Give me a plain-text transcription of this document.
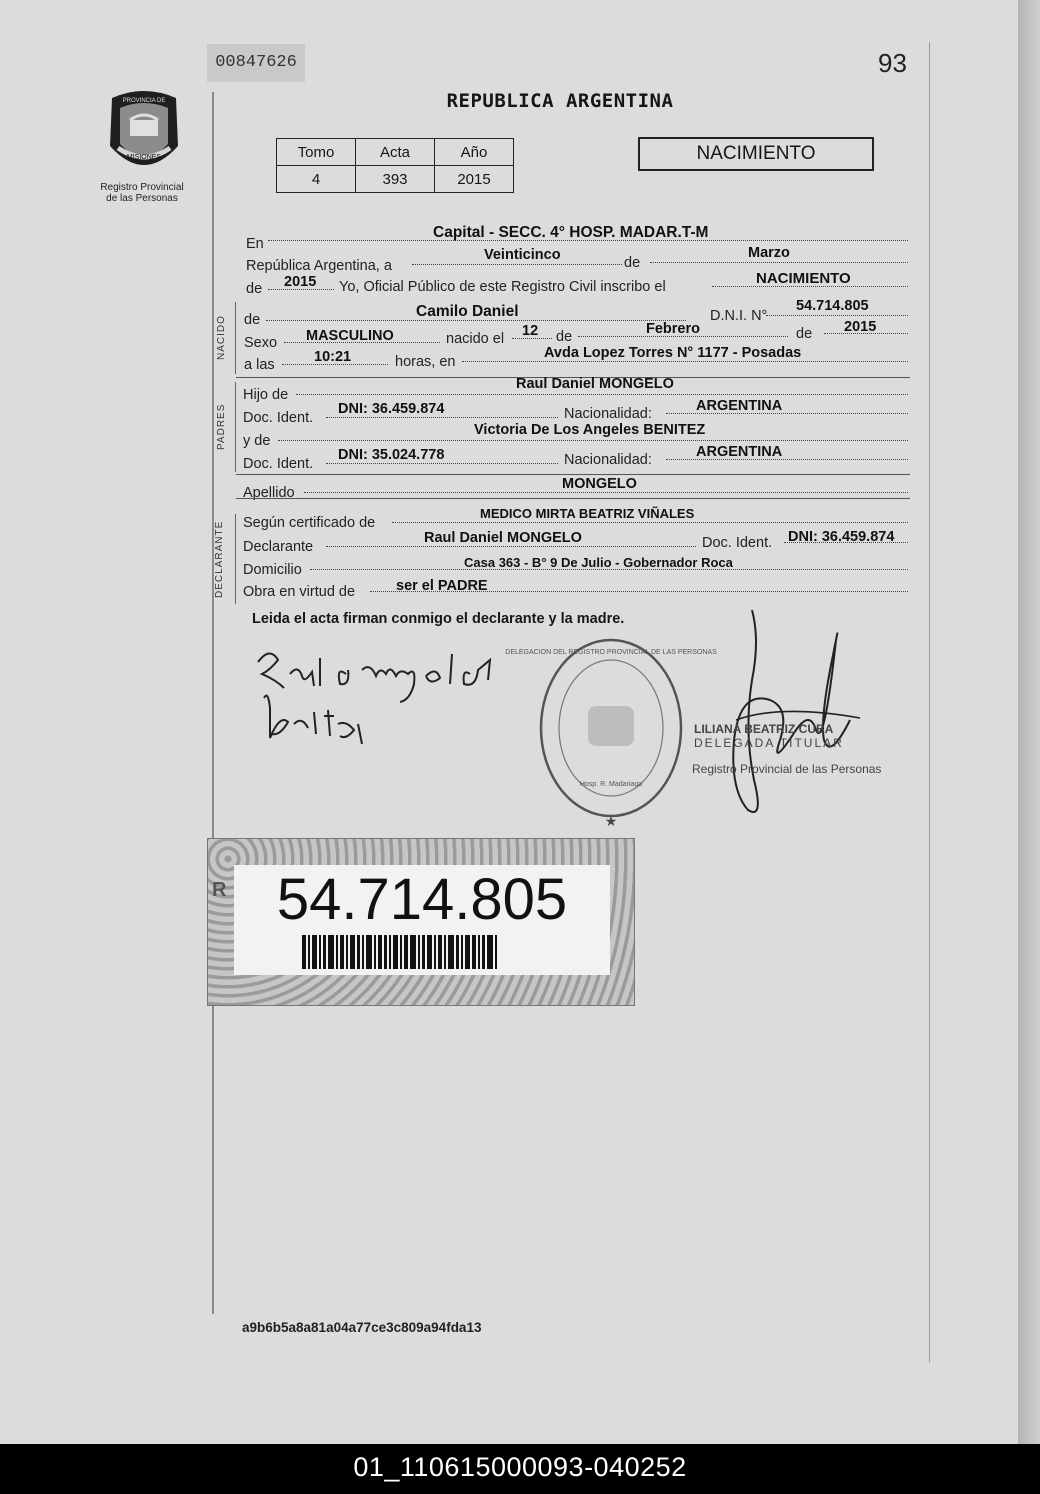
00847626	93
REPUBLICA ARGENTINA
PROVINCIA DE
MISIONES
Registro Provincial
de las Personas
Tomo	Acta	Año
4	393	2015
NACIMIENTO
En
Capital - SECC. 4° HOSP. MADAR.T-M
República Argentina, a
Veinticinco	de
Marzo
de 2015 Yo, Oficial Público de este Registro Civil inscribo el	NACIMIENTO
NACIDO de	Camilo Daniel	D.N.I. N°
54.714.805
Sexo MASCULINO	nacido el 12 de	Febrero	de 2015
a las	10:21	horas, en
Avda Lopez Torres N° 1177 - Posadas
PADRES
Hijo de
Raul Daniel MONGELO
Doc. Ident.
DNI: 36.459.874	Nacionalidad:	ARGENTINA
y de
Victoria De Los Angeles BENITEZ
Doc. Ident.
DNI: 35.024.778	Nacionalidad:	ARGENTINA
Apellido
MONGELO
DECLARANTE Según certificado de
MEDICO MIRTA BEATRIZ VIÑALES
Declarante
Raul Daniel MONGELO	Doc. Ident. DNI: 36.459.874
Domicilio	Casa 363 - B° 9 De Julio - Gobernador Roca
Obra en virtud de	ser el PADRE
Leida el acta firman conmigo el declarante y la madre.
DELEGACION DEL REGISTRO PROVINCIAL DE LAS PERSONAS
Hosp. R. Madariaga
★
LILIANA BEATRIZ CUBA
DELEGADA TITULAR
Registro Provincial de las Personas
R 54.714.805
a9b6b5a8a81a04a77ce3c809a94fda13
01_110615000093-040252
